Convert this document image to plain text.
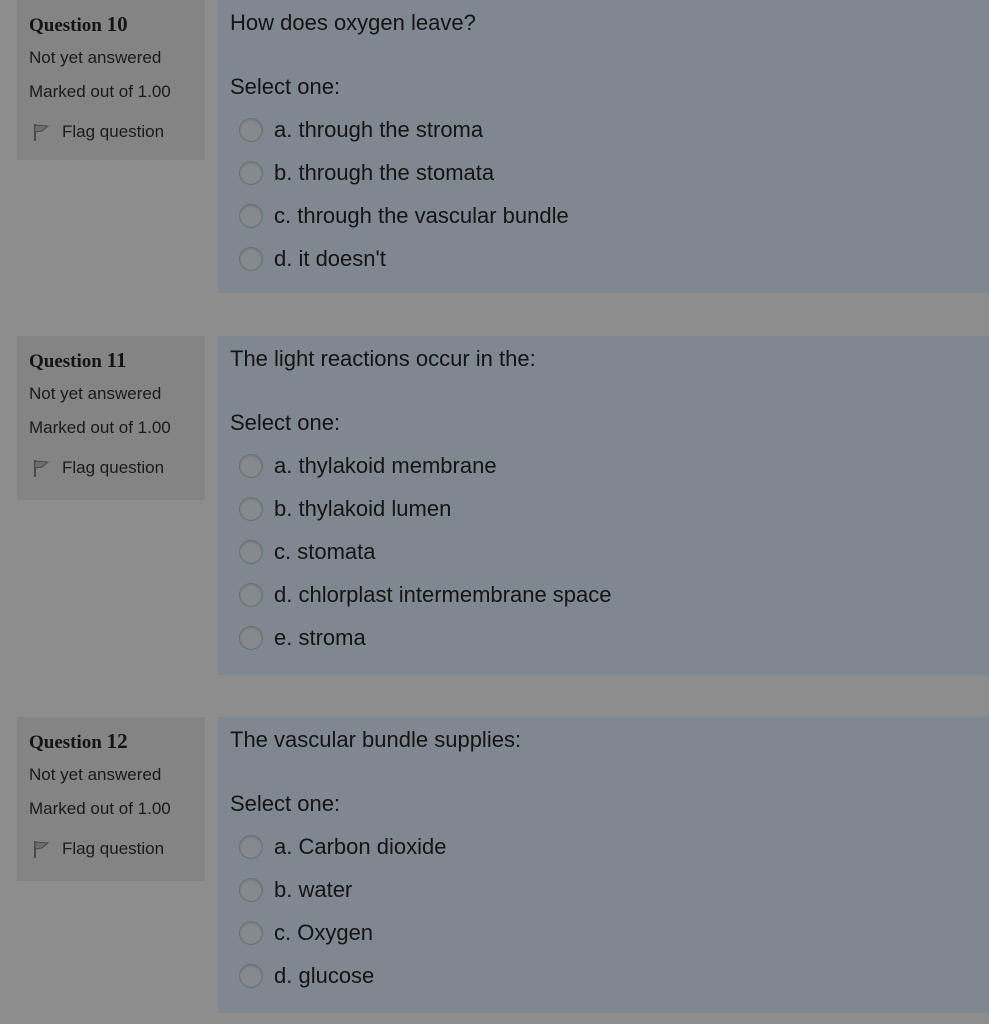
Question 10
Not yet answered
Marked out of 1.00
Flag question
How does oxygen leave?
Select one:
a. through the stroma
b. through the stomata
c. through the vascular bundle
d. it doesn't
Question 11
Not yet answered
Marked out of 1.00
Flag question
The light reactions occur in the:
Select one:
a. thylakoid membrane
b. thylakoid lumen
c. stomata
d. chlorplast intermembrane space
e. stroma
Question 12
Not yet answered
Marked out of 1.00
Flag question
The vascular bundle supplies:
Select one:
a. Carbon dioxide
b. water
c. Oxygen
d. glucose
